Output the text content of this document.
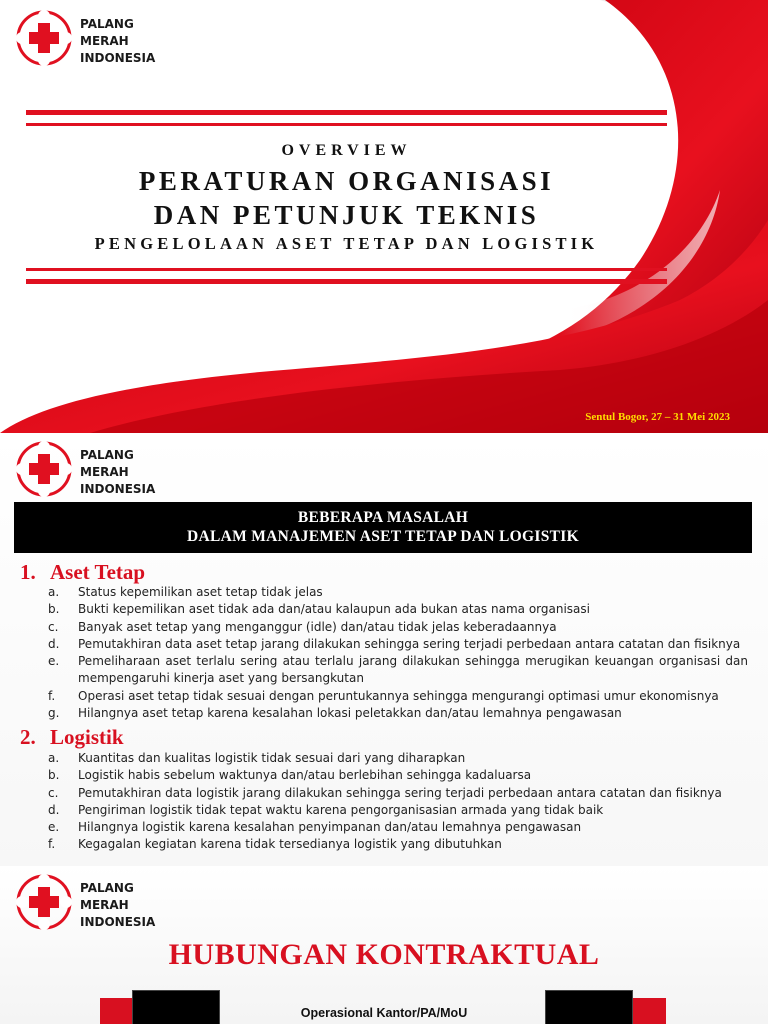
PALANG
MERAH
INDONESIA
OVERVIEW
PERATURAN ORGANISASI
DAN PETUNJUK TEKNIS
PENGELOLAAN ASET TETAP DAN LOGISTIK
Sentul Bogor, 27 – 31 Mei 2023
PALANG
MERAH
INDONESIA
BEBERAPA MASALAH
DALAM MANAJEMEN ASET TETAP DAN LOGISTIK
1. Aset Tetap
a. Status kepemilikan aset tetap tidak jelas
b. Bukti kepemilikan aset tidak ada dan/atau kalaupun ada bukan atas nama organisasi
c. Banyak aset tetap yang menganggur (idle) dan/atau tidak jelas keberadaannya
d. Pemutakhiran data aset tetap jarang dilakukan sehingga sering terjadi perbedaan antara catatan dan fisiknya
e. Pemeliharaan aset terlalu sering atau terlalu jarang dilakukan sehingga merugikan keuangan organisasi dan mempengaruhi kinerja aset yang bersangkutan
f. Operasi aset tetap tidak sesuai dengan peruntukannya sehingga mengurangi optimasi umur ekonomisnya
g. Hilangnya aset tetap karena kesalahan lokasi peletakkan dan/atau lemahnya pengawasan
2. Logistik
a. Kuantitas dan kualitas logistik tidak sesuai dari yang diharapkan
b. Logistik habis sebelum waktunya dan/atau berlebihan sehingga kadaluarsa
c. Pemutakhiran data logistik jarang dilakukan sehingga sering terjadi perbedaan antara catatan dan fisiknya
d. Pengiriman logistik tidak tepat waktu karena pengorganisasian armada yang tidak baik
e. Hilangnya logistik karena kesalahan penyimpanan dan/atau lemahnya pengawasan
f. Kegagalan kegiatan karena tidak tersedianya logistik yang dibutuhkan
PALANG
MERAH
INDONESIA
HUBUNGAN KONTRAKTUAL
Operasional Kantor/PA/MoU
